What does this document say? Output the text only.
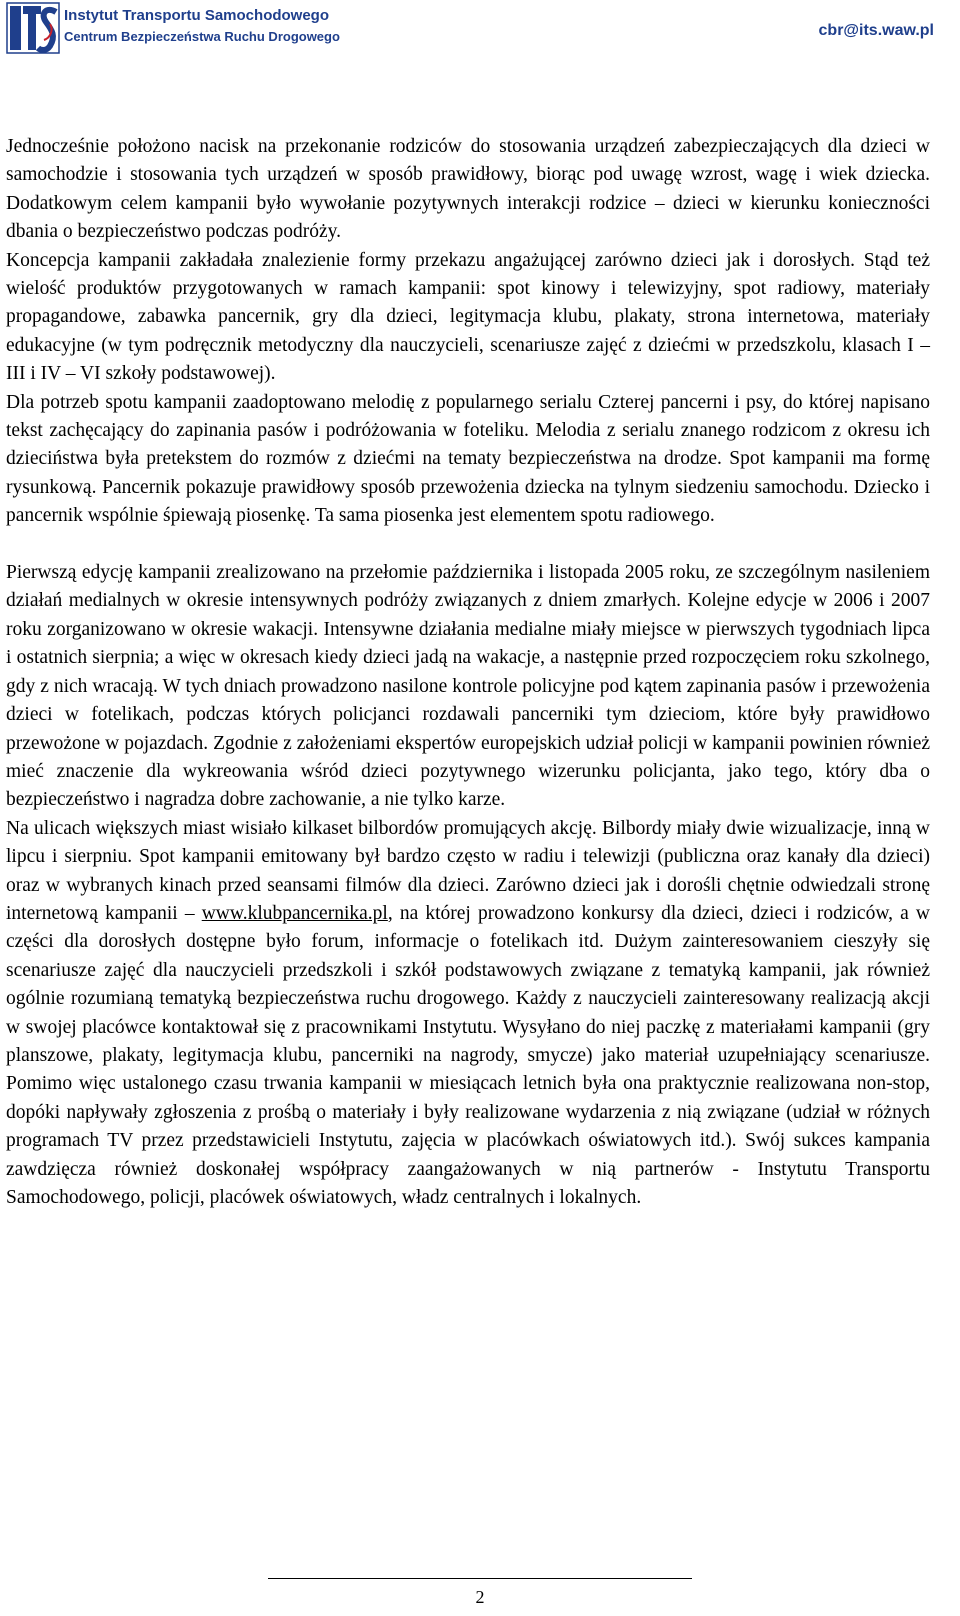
Instytut Transportu Samochodowego
Centrum Bezpieczeństwa Ruchu Drogowego	cbr@its.waw.pl

Jednocześnie położono nacisk na przekonanie rodziców do stosowania urządzeń zabezpieczających dla dzieci w samochodzie i stosowania tych urządzeń w sposób prawidłowy, biorąc pod uwagę wzrost, wagę i wiek dziecka. Dodatkowym celem kampanii było wywołanie pozytywnych interakcji rodzice – dzieci w kierunku konieczności dbania o bezpieczeństwo podczas podróży.

Koncepcja kampanii zakładała znalezienie formy przekazu angażującej zarówno dzieci jak i dorosłych. Stąd też wielość produktów przygotowanych w ramach kampanii: spot kinowy i telewizyjny, spot radiowy, materiały propagandowe, zabawka pancernik, gry dla dzieci, legitymacja klubu, plakaty, strona internetowa, materiały edukacyjne (w tym podręcznik metodyczny dla nauczycieli, scenariusze zajęć z dziećmi w przedszkolu, klasach I – III i IV – VI szkoły podstawowej).

Dla potrzeb spotu kampanii zaadoptowano melodię z popularnego serialu Czterej pancerni i psy, do której napisano tekst zachęcający do zapinania pasów i podróżowania w foteliku. Melodia z serialu znanego rodzicom z okresu ich dzieciństwa była pretekstem do rozmów z dziećmi na tematy bezpieczeństwa na drodze. Spot kampanii ma formę rysunkową. Pancernik pokazuje prawidłowy sposób przewożenia dziecka na tylnym siedzeniu samochodu. Dziecko i pancernik wspólnie śpiewają piosenkę. Ta sama piosenka jest elementem spotu radiowego.

Pierwszą edycję kampanii zrealizowano na przełomie października i listopada 2005 roku, ze szczególnym nasileniem działań medialnych w okresie intensywnych podróży związanych z dniem zmarłych. Kolejne edycje w 2006 i 2007 roku zorganizowano w okresie wakacji. Intensywne działania medialne miały miejsce w pierwszych tygodniach lipca i ostatnich sierpnia; a więc w okresach kiedy dzieci jadą na wakacje, a następnie przed rozpoczęciem roku szkolnego, gdy z nich wracają. W tych dniach prowadzono nasilone kontrole policyjne pod kątem zapinania pasów i przewożenia dzieci w fotelikach, podczas których policjanci rozdawali pancerniki tym dzieciom, które były prawidłowo przewożone w pojazdach. Zgodnie z założeniami ekspertów europejskich udział policji w kampanii powinien również mieć znaczenie dla wykreowania wśród dzieci pozytywnego wizerunku policjanta, jako tego, który dba o bezpieczeństwo i nagradza dobre zachowanie, a nie tylko karze.

Na ulicach większych miast wisiało kilkaset bilbordów promujących akcję. Bilbordy miały dwie wizualizacje, inną w lipcu i sierpniu. Spot kampanii emitowany był bardzo często w radiu i telewizji (publiczna oraz kanały dla dzieci) oraz w wybranych kinach przed seansami filmów dla dzieci. Zarówno dzieci jak i dorośli chętnie odwiedzali stronę internetową kampanii – www.klubpancernika.pl, na której prowadzono konkursy dla dzieci, dzieci i rodziców, a w części dla dorosłych dostępne było forum, informacje o fotelikach itd. Dużym zainteresowaniem cieszyły się scenariusze zajęć dla nauczycieli przedszkoli i szkół podstawowych związane z tematyką kampanii, jak również ogólnie rozumianą tematyką bezpieczeństwa ruchu drogowego. Każdy z nauczycieli zainteresowany realizacją akcji w swojej placówce kontaktował się z pracownikami Instytutu. Wysyłano do niej paczkę z materiałami kampanii (gry planszowe, plakaty, legitymacja klubu, pancerniki na nagrody, smycze) jako materiał uzupełniający scenariusze. Pomimo więc ustalonego czasu trwania kampanii w miesiącach letnich była ona praktycznie realizowana non-stop, dopóki napływały zgłoszenia z prośbą o materiały i były realizowane wydarzenia z nią związane (udział w różnych programach TV przez przedstawicieli Instytutu, zajęcia w placówkach oświatowych itd.). Swój sukces kampania zawdzięcza również doskonałej współpracy zaangażowanych w nią partnerów - Instytutu Transportu Samochodowego, policji, placówek oświatowych, władz centralnych i lokalnych.

2
